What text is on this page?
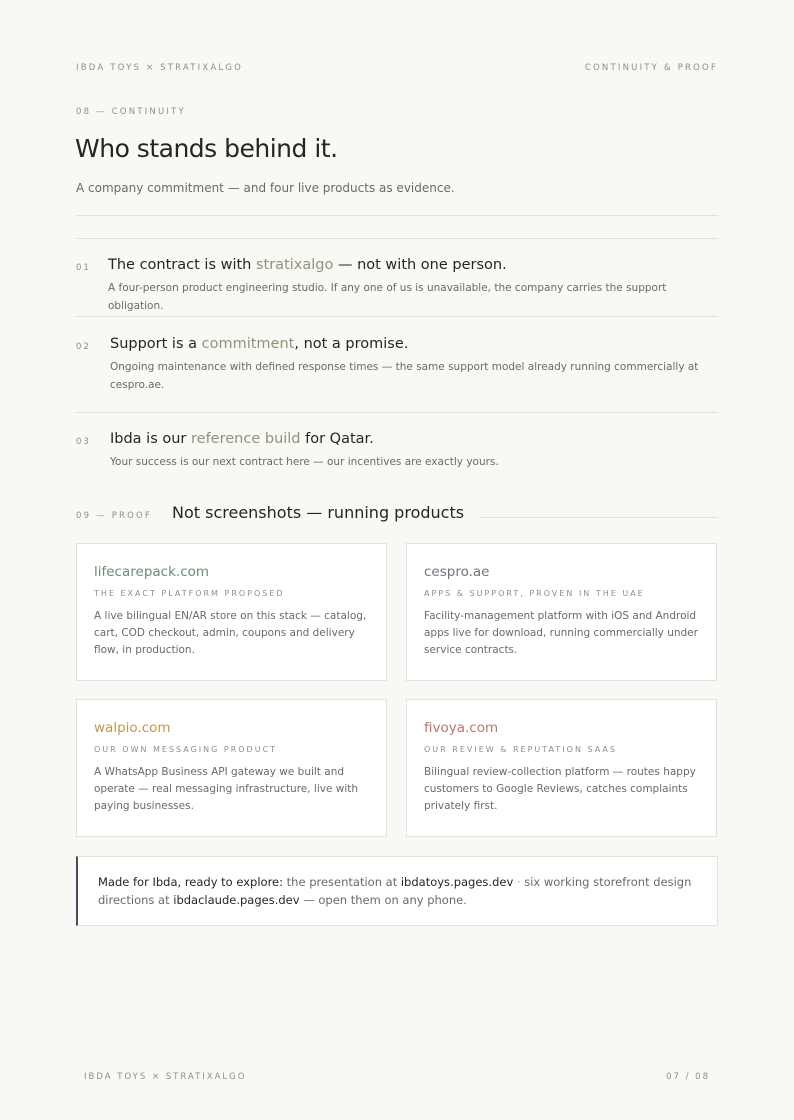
IBDA TOYS × STRATIXALGO	CONTINUITY & PROOF
08 — CONTINUITY
Who stands behind it.
A company commitment — and four live products as evidence.
01 The contract is with stratixalgo — not with one person.
A four-person product engineering studio. If any one of us is unavailable, the company carries the support obligation.
02 Support is a commitment, not a promise.
Ongoing maintenance with defined response times — the same support model already running commercially at cespro.ae.
03 Ibda is our reference build for Qatar.
Your success is our next contract here — our incentives are exactly yours.
09 — PROOF Not screenshots — running products
lifecarepack.com
THE EXACT PLATFORM PROPOSED
A live bilingual EN/AR store on this stack — catalog, cart, COD checkout, admin, coupons and delivery flow, in production.
cespro.ae
APPS & SUPPORT, PROVEN IN THE UAE
Facility-management platform with iOS and Android apps live for download, running commercially under service contracts.
walpio.com
OUR OWN MESSAGING PRODUCT
A WhatsApp Business API gateway we built and operate — real messaging infrastructure, live with paying businesses.
fivoya.com
OUR REVIEW & REPUTATION SAAS
Bilingual review-collection platform — routes happy customers to Google Reviews, catches complaints privately first.
Made for Ibda, ready to explore: the presentation at ibdatoys.pages.dev · six working storefront design directions at ibdaclaude.pages.dev — open them on any phone.
IBDA TOYS × STRATIXALGO	07 / 08
